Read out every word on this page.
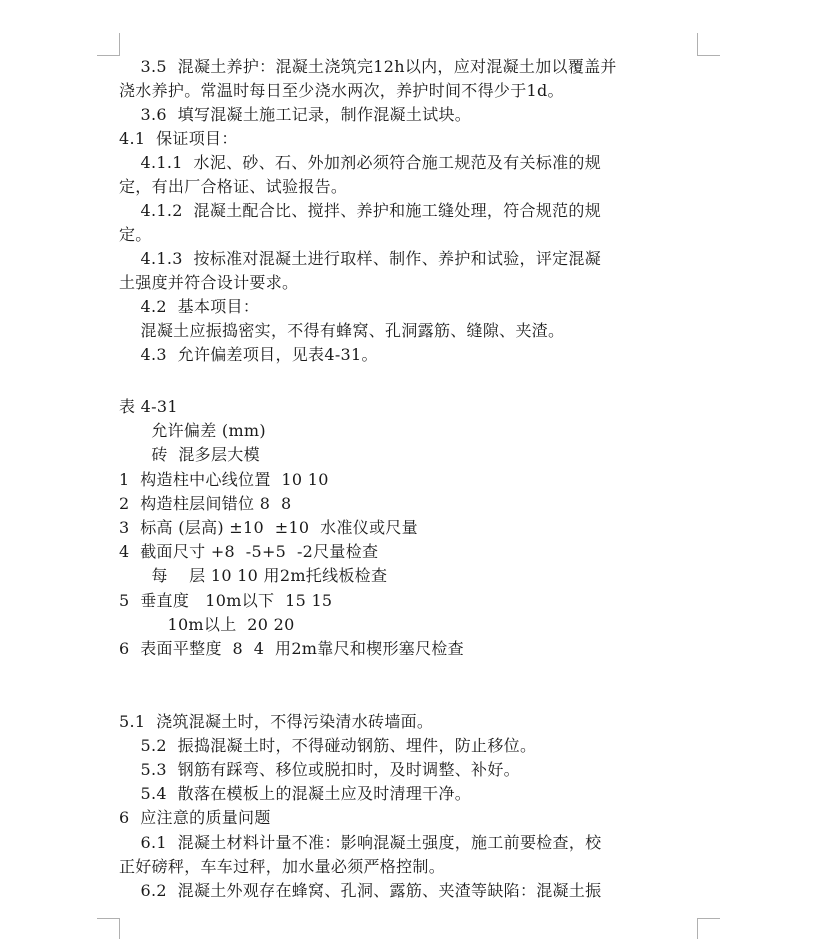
3.5  混凝土养护：混凝土浇筑完12h以内，应对混凝土加以覆盖并
浇水养护。常温时每日至少浇水两次，养护时间不得少于1d。
3.6  填写混凝土施工记录，制作混凝土试块。
4.1  保证项目：
4.1.1  水泥、砂、石、外加剂必须符合施工规范及有关标准的规
定，有出厂合格证、试验报告。
4.1.2  混凝土配合比、搅拌、养护和施工缝处理，符合规范的规
定。
4.1.3  按标准对混凝土进行取样、制作、养护和试验，评定混凝
土强度并符合设计要求。
4.2  基本项目：
混凝土应振捣密实，不得有蜂窝、孔洞露筋、缝隙、夹渣。
4.3  允许偏差项目，见表4-31。
表 4-31
允许偏差 (mm)
砖  混多层大模
1  构造柱中心线位置  10 10
2  构造柱层间错位 8  8
3  标高 (层高) ±10  ±10  水准仪或尺量
4  截面尺寸 +8  -5+5  -2尺量检查
每    层 10 10 用2m托线板检查
5  垂直度   10m以下  15 15
10m以上  20 20
6  表面平整度  8  4  用2m靠尺和楔形塞尺检查
5.1  浇筑混凝土时，不得污染清水砖墙面。
5.2  振捣混凝土时，不得碰动钢筋、埋件，防止移位。
5.3  钢筋有踩弯、移位或脱扣时，及时调整、补好。
5.4  散落在模板上的混凝土应及时清理干净。
6  应注意的质量问题
6.1  混凝土材料计量不准：影响混凝土强度，施工前要检查，校
正好磅秤，车车过秤，加水量必须严格控制。
6.2  混凝土外观存在蜂窝、孔洞、露筋、夹渣等缺陷：混凝土振
